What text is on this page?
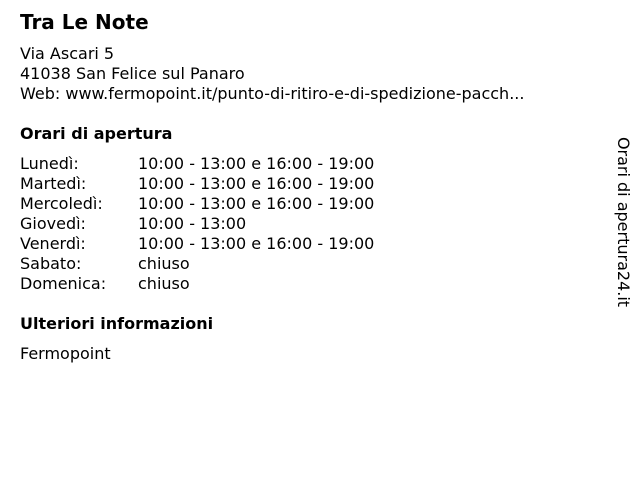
Tra Le Note
Via Ascari 5
41038 San Felice sul Panaro
Web: www.fermopoint.it/punto-di-ritiro-e-di-spedizione-pacch...
Orari di apertura
Lunedì:	10:00 - 13:00 e 16:00 - 19:00
Martedì:	10:00 - 13:00 e 16:00 - 19:00
Mercoledì:	10:00 - 13:00 e 16:00 - 19:00
Giovedì:	10:00 - 13:00
Venerdì:	10:00 - 13:00 e 16:00 - 19:00
Sabato:	chiuso
Domenica:	chiuso
Ulteriori informazioni
Fermopoint
Orari di apertura24.it
